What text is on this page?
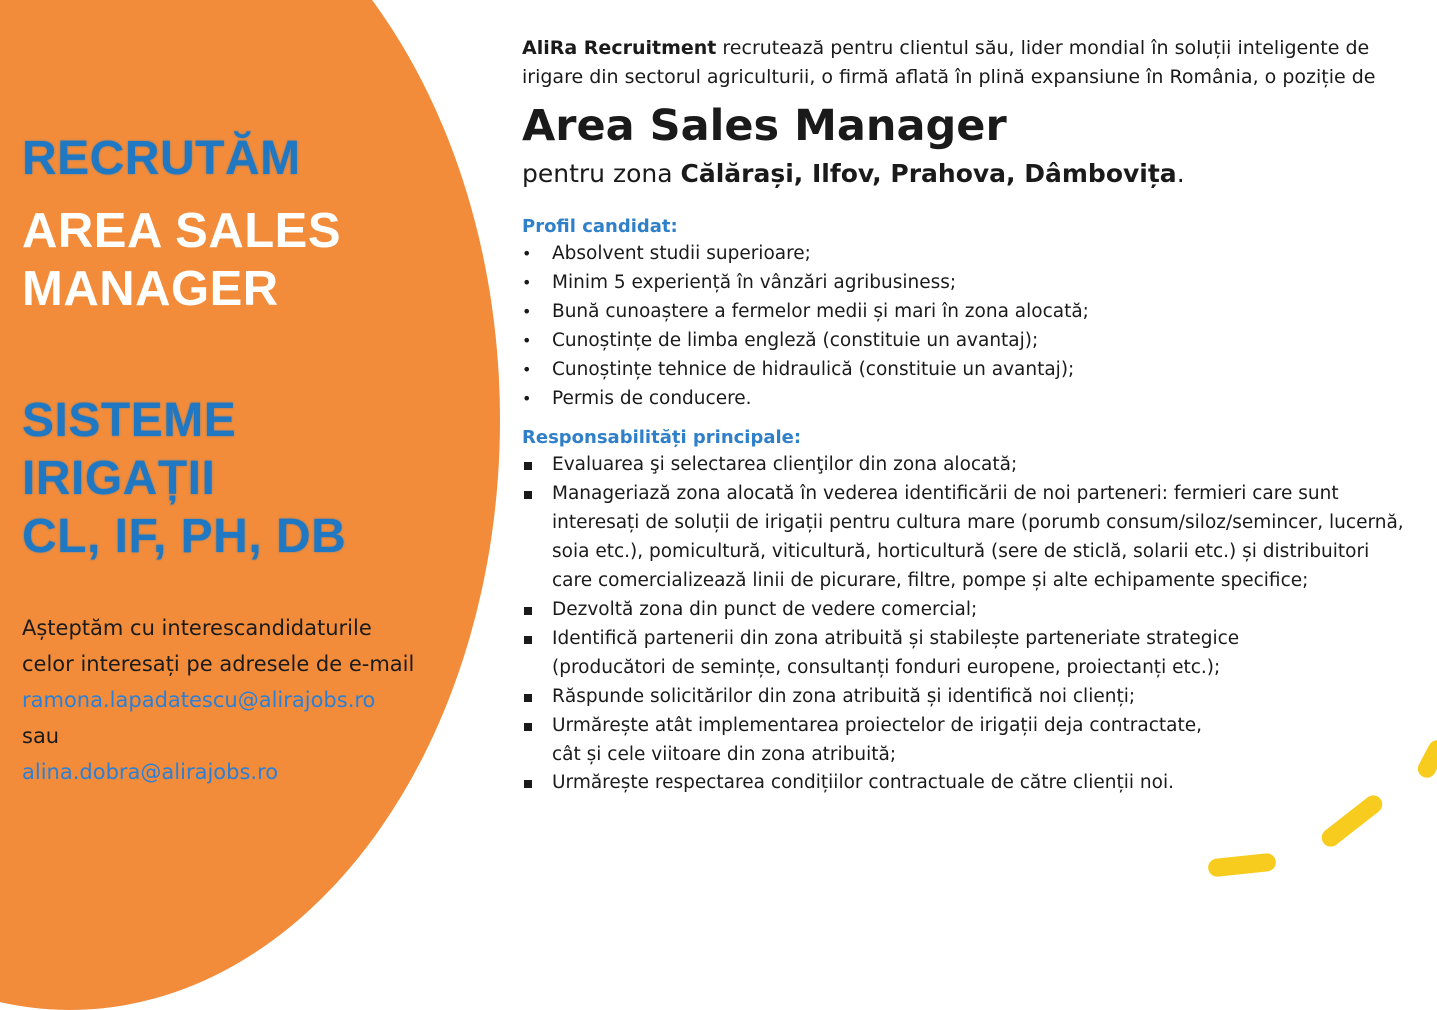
RECRUTĂM
AREA SALES
MANAGER
SISTEME
IRIGAȚII
CL, IF, PH, DB
Așteptăm cu interescandidaturile
celor interesați pe adresele de e-mail
ramona.lapadatescu@alirajobs.ro
sau
alina.dobra@alirajobs.ro

AliRa Recruitment recrutează pentru clientul său, lider mondial în soluții inteligente de
irigare din sectorul agriculturii, o firmă aflată în plină expansiune în România, o poziție de

Area Sales Manager

pentru zona Călărași, Ilfov, Prahova, Dâmbovița.

Profil candidat:
• Absolvent studii superioare;
• Minim 5 experiență în vânzări agribusiness;
• Bună cunoaștere a fermelor medii și mari în zona alocată;
• Cunoștințe de limba engleză (constituie un avantaj);
• Cunoștințe tehnice de hidraulică (constituie un avantaj);
• Permis de conducere.
Responsabilități principale:
Evaluarea şi selectarea clienţilor din zona alocată;
Manageriază zona alocată în vederea identificării de noi parteneri: fermieri care sunt
interesați de soluții de irigații pentru cultura mare (porumb consum/siloz/semincer, lucernă,
soia etc.), pomicultură, viticultură, horticultură (sere de sticlă, solarii etc.) și distribuitori
care comercializează linii de picurare, filtre, pompe și alte echipamente specifice;
Dezvoltă zona din punct de vedere comercial;
Identifică partenerii din zona atribuită și stabilește parteneriate strategice
(producători de semințe, consultanți fonduri europene, proiectanți etc.);
Răspunde solicitărilor din zona atribuită și identifică noi clienți;
Urmărește atât implementarea proiectelor de irigații deja contractate,
cât și cele viitoare din zona atribuită;
Urmărește respectarea condițiilor contractuale de către clienții noi.
